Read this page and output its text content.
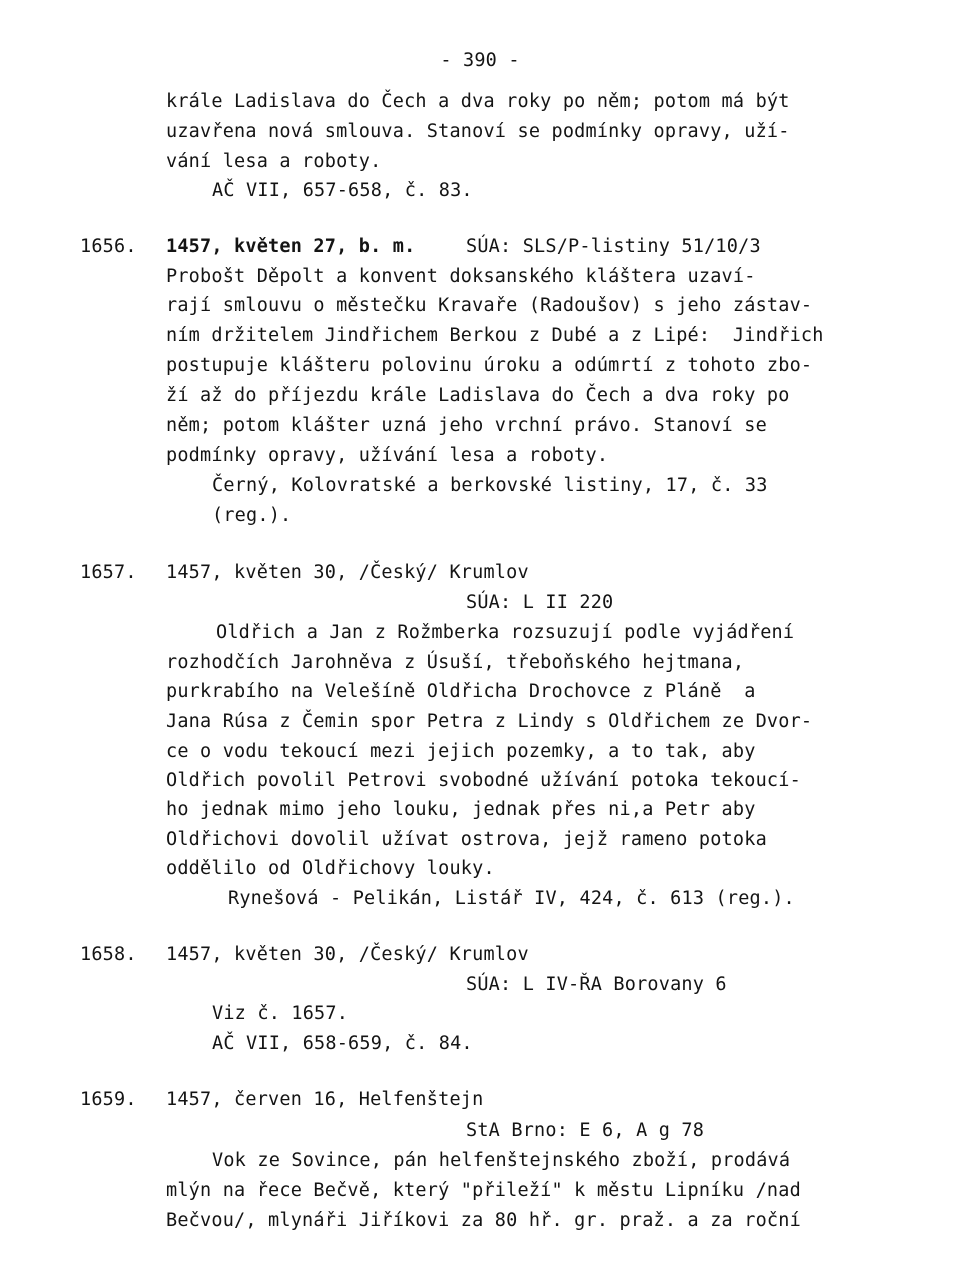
- 390 -
krále Ladislava do Čech a dva roky po něm; potom má být
uzavřena nová smlouva. Stanoví se podmínky opravy, uží-
vání lesa a roboty.
AČ VII, 657-658, č. 83.
1656. 1457, květen 27, b. m.	SÚA: SLS/P-listiny 51/10/3
Probošt Děpolt a konvent doksanského kláštera uzaví-
rají smlouvu o městečku Kravaře (Radoušov) s jeho zástav-
ním držitelem Jindřichem Berkou z Dubé a z Lipé:  Jindřich
postupuje klášteru polovinu úroku a odúmrtí z tohoto zbo-
ží až do příjezdu krále Ladislava do Čech a dva roky po
něm; potom klášter uzná jeho vrchní právo. Stanoví se
podmínky opravy, užívání lesa a roboty.
Černý, Kolovratské a berkovské listiny, 17, č. 33
(reg.).
1657. 1457, květen 30, /Český/ Krumlov
SÚA: L II 220
Oldřich a Jan z Rožmberka rozsuzují podle vyjádření
rozhodčích Jarohněva z Úsuší, třeboňského hejtmana,
purkrabího na Velešíně Oldřicha Drochovce z Pláně  a
Jana Rúsa z Čemin spor Petra z Lindy s Oldřichem ze Dvor-
ce o vodu tekoucí mezi jejich pozemky, a to tak, aby
Oldřich povolil Petrovi svobodné užívání potoka tekoucí-
ho jednak mimo jeho louku, jednak přes ni,a Petr aby
Oldřichovi dovolil užívat ostrova, jejž rameno potoka
oddělilo od Oldřichovy louky.
Rynešová - Pelikán, Listář IV, 424, č. 613 (reg.).
1658. 1457, květen 30, /Český/ Krumlov
SÚA: L IV-ŘA Borovany 6
Viz č. 1657.
AČ VII, 658-659, č. 84.
1659. 1457, červen 16, Helfenštejn
StA Brno: E 6, A g 78
Vok ze Sovince, pán helfenštejnského zboží, prodává
mlýn na řece Bečvě, který "přileží" k městu Lipníku /nad
Bečvou/, mlynáři Jiříkovi za 80 hř. gr. praž. a za roční
